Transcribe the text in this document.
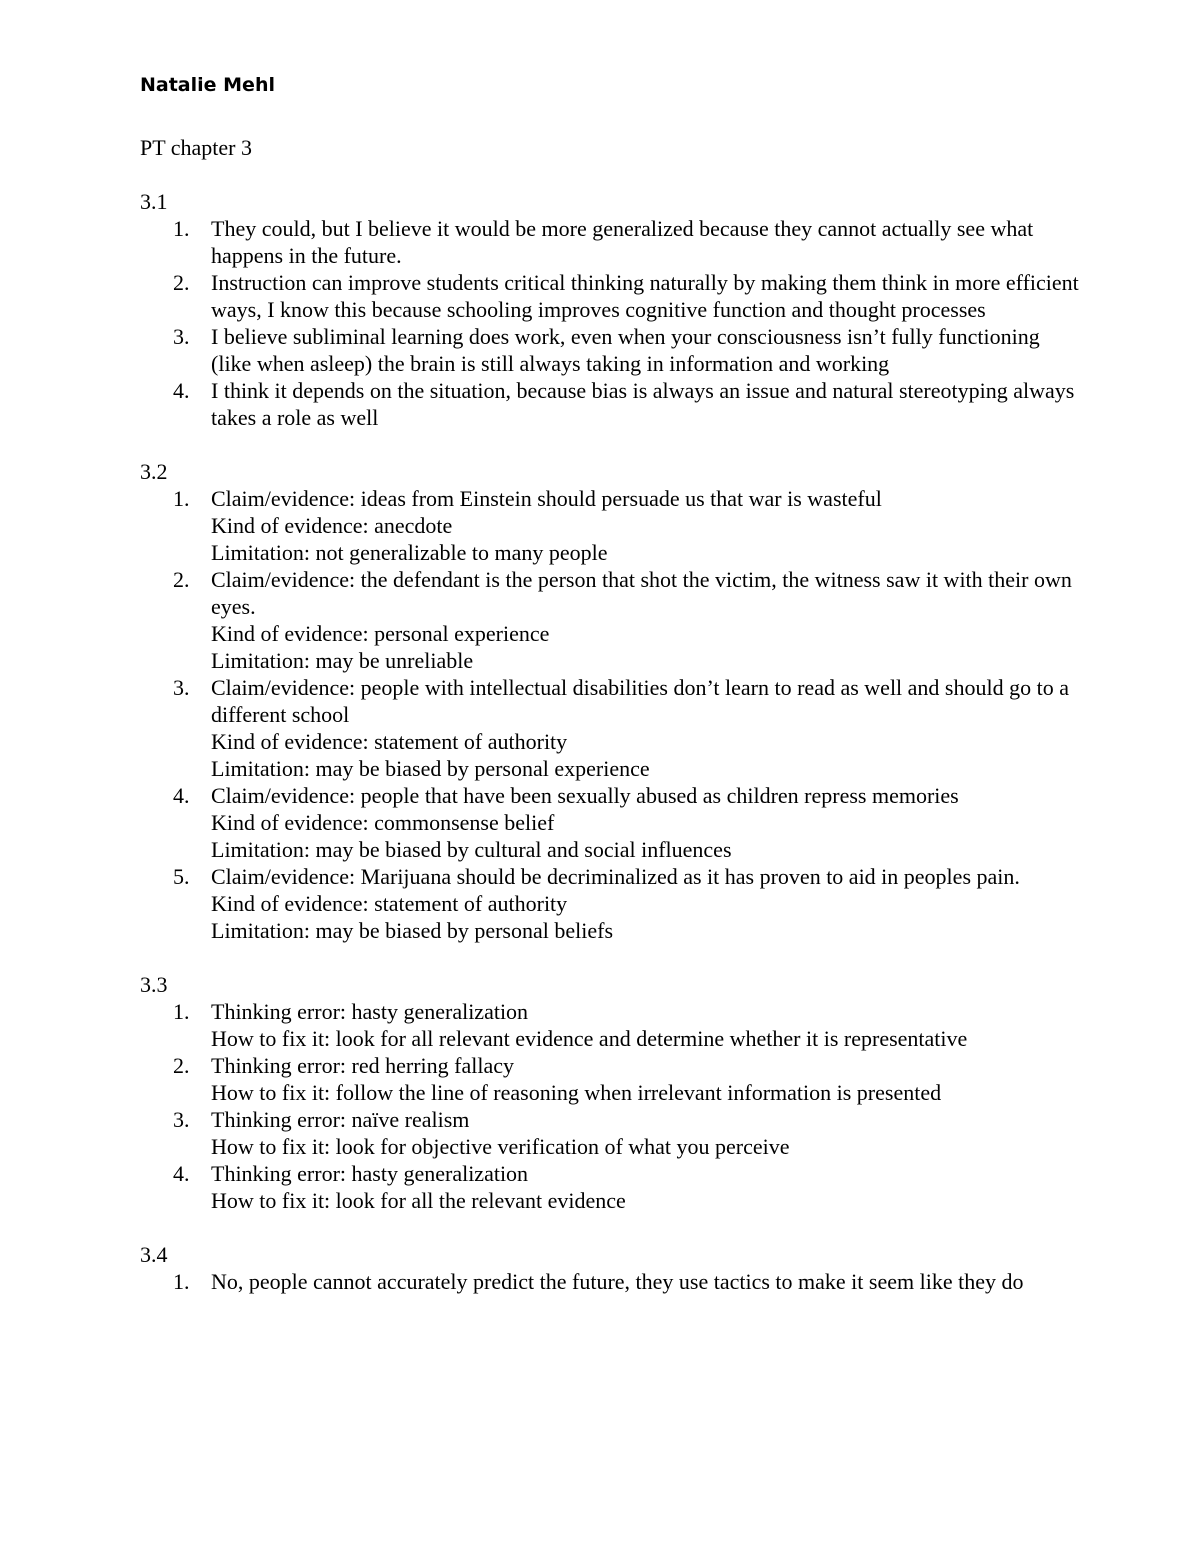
Natalie Mehl
PT chapter 3
3.1
1. They could, but I believe it would be more generalized because they cannot actually see what happens in the future.
2. Instruction can improve students critical thinking naturally by making them think in more efficient ways, I know this because schooling improves cognitive function and thought processes
3. I believe subliminal learning does work, even when your consciousness isn’t fully functioning (like when asleep) the brain is still always taking in information and working
4. I think it depends on the situation, because bias is always an issue and natural stereotyping always takes a role as well
3.2
1. Claim/evidence: ideas from Einstein should persuade us that war is wasteful
Kind of evidence: anecdote
Limitation: not generalizable to many people
2. Claim/evidence: the defendant is the person that shot the victim, the witness saw it with their own eyes.
Kind of evidence: personal experience
Limitation: may be unreliable
3. Claim/evidence: people with intellectual disabilities don’t learn to read as well and should go to a different school
Kind of evidence: statement of authority
Limitation: may be biased by personal experience
4. Claim/evidence: people that have been sexually abused as children repress memories
Kind of evidence: commonsense belief
Limitation: may be biased by cultural and social influences
5. Claim/evidence: Marijuana should be decriminalized as it has proven to aid in peoples pain.
Kind of evidence: statement of authority
Limitation: may be biased by personal beliefs
3.3
1. Thinking error: hasty generalization
How to fix it: look for all relevant evidence and determine whether it is representative
2. Thinking error: red herring fallacy
How to fix it: follow the line of reasoning when irrelevant information is presented
3. Thinking error: naïve realism
How to fix it: look for objective verification of what you perceive
4. Thinking error: hasty generalization
How to fix it: look for all the relevant evidence
3.4
1. No, people cannot accurately predict the future, they use tactics to make it seem like they do
